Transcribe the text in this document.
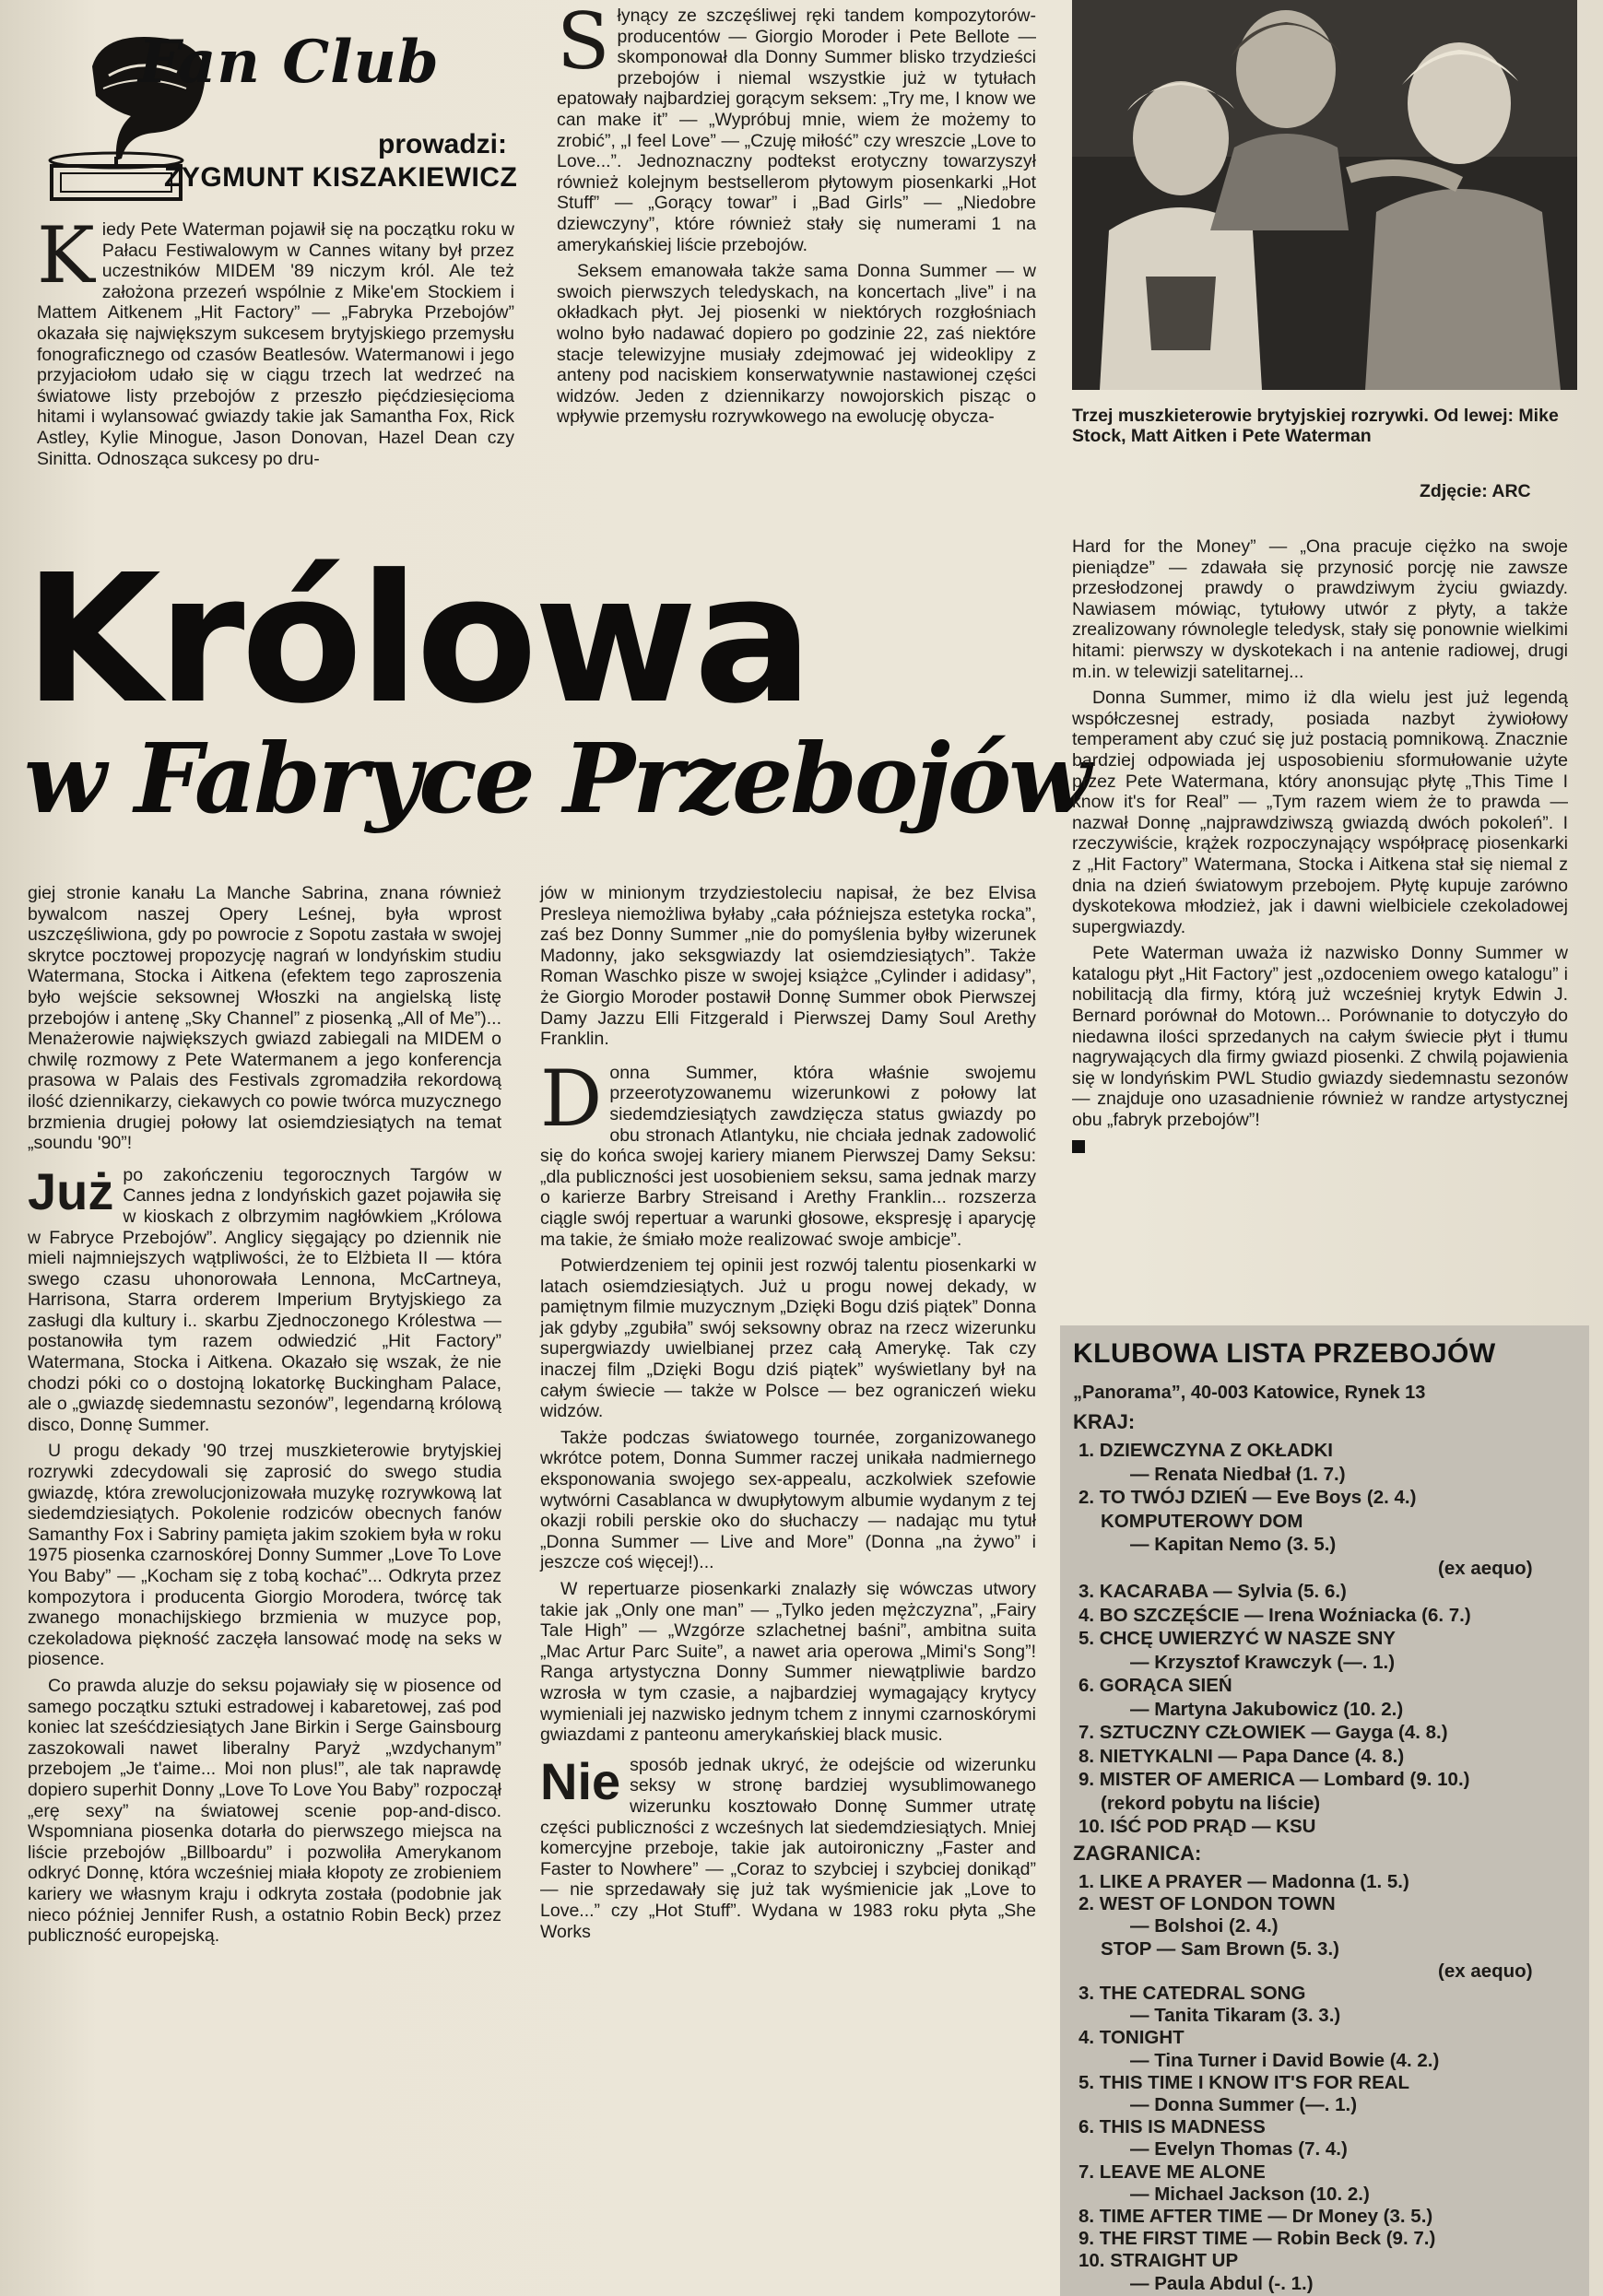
Fan Club
prowadzi:
ZYGMUNT KISZAKIEWICZ

Kiedy Pete Waterman pojawił się na początku roku w Pałacu Festiwalowym w Cannes witany był przez uczestników MIDEM '89 niczym król. Ale też założona przezeń wspólnie z Mike'em Stockiem i Mattem Aitkenem „Hit Factory” — „Fabryka Przebojów” okazała się największym sukcesem brytyjskiego przemysłu fonograficznego od czasów Beatlesów. Watermanowi i jego przyjaciołom udało się w ciągu trzech lat wedrzeć na światowe listy przebojów z przeszło pięćdziesięcioma hitami i wylansować gwiazdy takie jak Samantha Fox, Rick Astley, Kylie Minogue, Jason Donovan, Hazel Dean czy Sinitta. Odnosząca sukcesy po dru-

Słynący ze szczęśliwej ręki tandem kompozytorów-producentów — Giorgio Moroder i Pete Bellote — skomponował dla Donny Summer blisko trzydzieści przebojów i niemal wszystkie już w tytułach epatowały najbardziej gorącym seksem: „Try me, I know we can make it” — „Wypróbuj mnie, wiem że możemy to zrobić”, „I feel Love” — „Czuję miłość” czy wreszcie „Love to Love...”. Jednoznaczny podtekst erotyczny towarzyszył również kolejnym bestsellerom płytowym piosenkarki „Hot Stuff” — „Gorący towar” i „Bad Girls” — „Niedobre dziewczyny”, które również stały się numerami 1 na amerykańskiej liście przebojów.

Seksem emanowała także sama Donna Summer — w swoich pierwszych teledyskach, na koncertach „live” i na okładkach płyt. Jej piosenki w niektórych rozgłośniach wolno było nadawać dopiero po godzinie 22, zaś niektóre stacje telewizyjne musiały zdejmować jej wideoklipy z anteny pod naciskiem konserwatywnie nastawionej części widzów. Jeden z dziennikarzy nowojorskich pisząc o wpływie przemysłu rozrywkowego na ewolucję obycza-	Trzej muszkieterowie brytyjskiej rozrywki. Od lewej: Mike Stock, Matt Aitken i Pete Waterman
Zdjęcie: ARC
Królowa
w Fabryce Przebojów

Hard for the Money” — „Ona pracuje ciężko na swoje pieniądze” — zdawała się przynosić porcję nie zawsze przesłodzonej prawdy o prawdziwym życiu gwiazdy. Nawiasem mówiąc, tytułowy utwór z płyty, a także zrealizowany równolegle teledysk, stały się ponownie wielkimi hitami: pierwszy w dyskotekach i na antenie radiowej, drugi m.in. w telewizji satelitarnej...

Donna Summer, mimo iż dla wielu jest już legendą współczesnej estrady, posiada nazbyt żywiołowy temperament aby czuć się już postacią pomnikową. Znacznie bardziej odpowiada jej usposobieniu sformułowanie użyte przez Pete Watermana, który anonsując płytę „This Time I know it's for Real” — „Tym razem wiem że to prawda — nazwał Donnę „najprawdziwszą gwiazdą dwóch pokoleń”. I rzeczywiście, krążek rozpoczynający współpracę piosenkarki z „Hit Factory” Watermana, Stocka i Aitkena stał się niemal z dnia na dzień światowym przebojem. Płytę kupuje zarówno dyskotekowa młodzież, jak i dawni wielbiciele czekoladowej supergwiazdy.

Pete Waterman uważa iż nazwisko Donny Summer w katalogu płyt „Hit Factory” jest „ozdoceniem owego katalogu” i nobilitacją dla firmy, którą już wcześniej krytyk Edwin J. Bernard porównał do Motown... Porównanie to dotyczyło do niedawna ilości sprzedanych na całym świecie płyt i tłumu nagrywających dla firmy gwiazd piosenki. Z chwilą pojawienia się w londyńskim PWL Studio gwiazdy siedemnastu sezonów — znajduje ono uzasadnienie również w randze artystycznej obu „fabryk przebojów”!

giej stronie kanału La Manche Sabrina, znana również bywalcom naszej Opery Leśnej, była wprost uszczęśliwiona, gdy po powrocie z Sopotu zastała w swojej skrytce pocztowej propozycję nagrań w londyńskim studiu Watermana, Stocka i Aitkena (efektem tego zaproszenia było wejście seksownej Włoszki na angielską listę przebojów i antenę „Sky Channel” z piosenką „All of Me”)... Menażerowie największych gwiazd zabiegali na MIDEM o chwilę rozmowy z Pete Watermanem a jego konferencja prasowa w Palais des Festivals zgromadziła rekordową ilość dziennikarzy, ciekawych co powie twórca muzycznego brzmienia drugiej połowy lat osiemdziesiątych na temat „soundu '90”!

Już po zakończeniu tegorocznych Targów w Cannes jedna z londyńskich gazet pojawiła się w kioskach z olbrzymim nagłówkiem „Królowa w Fabryce Przebojów”. Anglicy sięgający po dziennik nie mieli najmniejszych wątpliwości, że to Elżbieta II — która swego czasu uhonorowała Lennona, McCartneya, Harrisona, Starra orderem Imperium Brytyjskiego za zasługi dla kultury i.. skarbu Zjednoczonego Królestwa — postanowiła tym razem odwiedzić „Hit Factory” Watermana, Stocka i Aitkena. Okazało się wszak, że nie chodzi póki co o dostojną lokatorkę Buckingham Palace, ale o „gwiazdę siedemnastu sezonów”, legendarną królową disco, Donnę Summer.

U progu dekady '90 trzej muszkieterowie brytyjskiej rozrywki zdecydowali się zaprosić do swego studia gwiazdę, która zrewolucjonizowała muzykę rozrywkową lat siedemdziesiątych. Pokolenie rodziców obecnych fanów Samanthy Fox i Sabriny pamięta jakim szokiem była w roku 1975 piosenka czarnoskórej Donny Summer „Love To Love You Baby” — „Kocham się z tobą kochać”... Odkryta przez kompozytora i producenta Giorgio Morodera, twórcę tak zwanego monachijskiego brzmienia w muzyce pop, czekoladowa piękność zaczęła lansować modę na seks w piosence.

Co prawda aluzje do seksu pojawiały się w piosence od samego początku sztuki estradowej i kabaretowej, zaś pod koniec lat sześćdziesiątych Jane Birkin i Serge Gainsbourg zaszokowali nawet liberalny Paryż „wzdychanym” przebojem „Je t'aime... Moi non plus!”, ale tak naprawdę dopiero superhit Donny „Love To Love You Baby” rozpoczął „erę sexy” na światowej scenie pop-and-disco. Wspomniana piosenka dotarła do pierwszego miejsca na liście przebojów „Billboardu” i pozwoliła Amerykanom odkryć Donnę, która wcześniej miała kłopoty ze zrobieniem kariery we własnym kraju i odkryta została (podobnie jak nieco później Jennifer Rush, a ostatnio Robin Beck) przez publiczność europejską.

jów w minionym trzydziestoleciu napisał, że bez Elvisa Presleya niemożliwa byłaby „cała późniejsza estetyka rocka”, zaś bez Donny Summer „nie do pomyślenia byłby wizerunek Madonny, jako seksgwiazdy lat osiemdziesiątych”. Także Roman Waschko pisze w swojej książce „Cylinder i adidasy”, że Giorgio Moroder postawił Donnę Summer obok Pierwszej Damy Jazzu Elli Fitzgerald i Pierwszej Damy Soul Arethy Franklin.

Donna Summer, która właśnie swojemu przeerotyzowanemu wizerunkowi z połowy lat siedemdziesiątych zawdzięcza status gwiazdy po obu stronach Atlantyku, nie chciała jednak zadowolić się do końca swojej kariery mianem Pierwszej Damy Seksu: „dla publiczności jest uosobieniem seksu, sama jednak marzy o karierze Barbry Streisand i Arethy Franklin... rozszerza ciągle swój repertuar a warunki głosowe, ekspresję i aparycję ma takie, że śmiało może realizować swoje ambicje”.

Potwierdzeniem tej opinii jest rozwój talentu piosenkarki w latach osiemdziesiątych. Już u progu nowej dekady, w pamiętnym filmie muzycznym „Dzięki Bogu dziś piątek” Donna jak gdyby „zgubiła” swój seksowny obraz na rzecz wizerunku supergwiazdy uwielbianej przez całą Amerykę. Tak czy inaczej film „Dzięki Bogu dziś piątek” wyświetlany był na całym świecie — także w Polsce — bez ograniczeń wieku widzów.

Także podczas światowego tournée, zorganizowanego wkrótce potem, Donna Summer raczej unikała nadmiernego eksponowania swojego sex-appealu, aczkolwiek szefowie wytwórni Casablanca w dwupłytowym albumie wydanym z tej okazji robili perskie oko do słuchaczy — nadając mu tytuł „Donna Summer — Live and More” (Donna „na żywo” i jeszcze coś więcej!)...

W repertuarze piosenkarki znalazły się wówczas utwory takie jak „Only one man” — „Tylko jeden mężczyzna”, „Fairy Tale High” — „Wzgórze szlachetnej baśni”, ambitna suita „Mac Artur Parc Suite”, a nawet aria operowa „Mimi's Song”! Ranga artystyczna Donny Summer niewątpliwie bardzo wzrosła w tym czasie, a najbardziej wymagający krytycy wymieniali jej nazwisko jednym tchem z innymi czarnoskórymi gwiazdami z panteonu amerykańskiej black music.

Nie sposób jednak ukryć, że odejście od wizerunku seksy w stronę bardziej wysublimowanego wizerunku kosztowało Donnę Summer utratę części publiczności z wcześnych lat siedemdziesiątych. Mniej komercyjne przeboje, takie jak autoironiczny „Faster and Faster to Nowhere” — „Coraz to szybciej i szybciej donikąd” — nie sprzedawały się już tak wyśmienicie jak „Love to Love...” czy „Hot Stuff”. Wydana w 1983 roku płyta „She Works

KLUBOWA LISTA PRZEBOJÓW
„Panorama”, 40-003 Katowice, Rynek 13
KRAJ:
1. DZIEWCZYNA Z OKŁADKI
— Renata Niedbał (1. 7.)
2. TO TWÓJ DZIEŃ — Eve Boys (2. 4.)
KOMPUTEROWY DOM
— Kapitan Nemo (3. 5.)
(ex aequo)
3. KACARABA — Sylvia (5. 6.)
4. BO SZCZĘŚCIE — Irena Woźniacka (6. 7.)
5. CHCĘ UWIERZYĆ W NASZE SNY
— Krzysztof Krawczyk (—. 1.)
6. GORĄCA SIEŃ
— Martyna Jakubowicz (10. 2.)
7. SZTUCZNY CZŁOWIEK — Gayga (4. 8.)
8. NIETYKALNI — Papa Dance (4. 8.)
9. MISTER OF AMERICA — Lombard (9. 10.)
(rekord pobytu na liście)
10. IŚĆ POD PRĄD — KSU
ZAGRANICA:
1. LIKE A PRAYER — Madonna (1. 5.)
2. WEST OF LONDON TOWN
— Bolshoi (2. 4.)
STOP — Sam Brown (5. 3.)
(ex aequo)
3. THE CATEDRAL SONG
— Tanita Tikaram (3. 3.)
4. TONIGHT
— Tina Turner i David Bowie (4. 2.)
5. THIS TIME I KNOW IT'S FOR REAL
— Donna Summer (—. 1.)
6. THIS IS MADNESS
— Evelyn Thomas (7. 4.)
7. LEAVE ME ALONE
— Michael Jackson (10. 2.)
8. TIME AFTER TIME — Dr Money (3. 5.)
9. THE FIRST TIME — Robin Beck (9. 7.)
10. STRAIGHT UP
— Paula Abdul (-. 1.)
